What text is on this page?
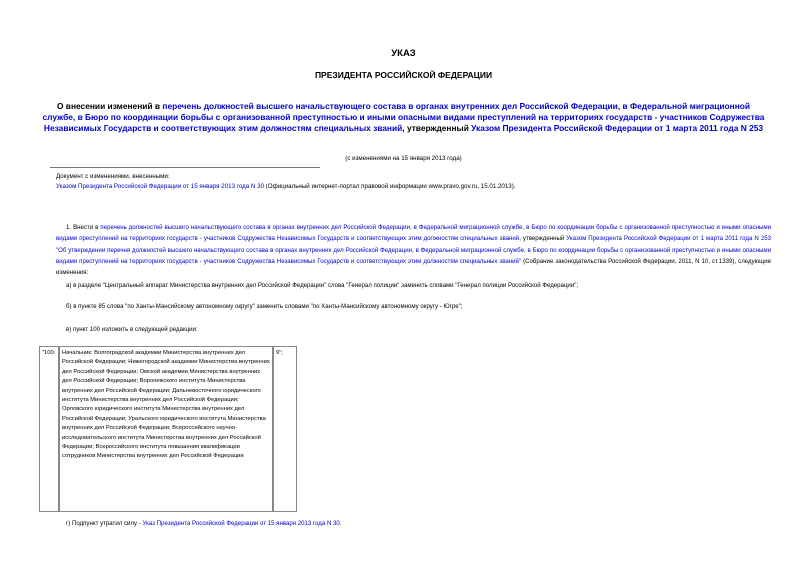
УКАЗ
ПРЕЗИДЕНТА РОССИЙСКОЙ ФЕДЕРАЦИИ
О внесении изменений в перечень должностей высшего начальствующего состава в органах внутренних дел Российской Федерации, в Федеральной миграционной службе, в Бюро по координации борьбы с организованной преступностью и иными опасными видами преступлений на территориях государств - участников Содружества Независимых Государств и соответствующих этим должностям специальных званий, утвержденный Указом Президента Российской Федерации от 1 марта 2011 года N 253
(с изменениями на 15 января 2013 года)
Документ с изменениями, внесенными:
Указом Президента Российской Федерации от 15 января 2013 года N 30 (Официальный интернет-портал правовой информации www.pravo.gov.ru, 15.01.2013).
1. Внести в перечень должностей высшего начальствующего состава в органах внутренних дел Российской Федерации, в Федеральной миграционной службе, в Бюро по координации борьбы с организованной преступностью и иными опасными видами преступлений на территориях государств - участников Содружества Независимых Государств и соответствующих этим должностям специальных званий, утвержденный Указом Президента Российской Федерации от 1 марта 2011 года N 253 "Об утверждении перечня должностей высшего начальствующего состава в органах внутренних дел Российской Федерации, в Федеральной миграционной службе, в Бюро по координации борьбы с организованной преступностью и иными опасными видами преступлений на территориях государств - участников Содружества Независимых Государств и соответствующих этим должностям специальных званий" (Собрание законодательства Российской Федерации, 2011, N 10, ст.1339), следующие изменения:
а) в разделе "Центральный аппарат Министерства внутренних дел Российской Федерации" слова "Генерал полиции" заменить словами "Генерал полиции Российской Федерации";
б) в пункте 85 слова "по Ханты-Мансийскому автономному округу" заменить словами "по Ханты-Мансийскому автономному округу - Югре";
в) пункт 100 изложить в следующей редакции:
"100.	Начальник: Волгоградской академии Министерства внутренних дел Российской Федерации; Нижегородской академии Министерства внутренних дел Российской Федерации; Омской академии Министерства внутренних дел Российской Федерации; Воронежского института Министерства внутренних дел Российской Федерации; Дальневосточного юридического института Министерства внутренних дел Российской Федерации; Орловского юридического института Министерства внутренних дел Российской Федерации; Уральского юридического института Министерства внутренних дел Российской Федерации; Всероссийского научно-исследовательского института Министерства внутренних дел Российской Федерации; Всероссийского института повышения квалификации сотрудников Министерства внутренних дел Российской Федерации
9";
г) Подпункт утратил силу - Указ Президента Российской Федерации от 15 января 2013 года N 30.
